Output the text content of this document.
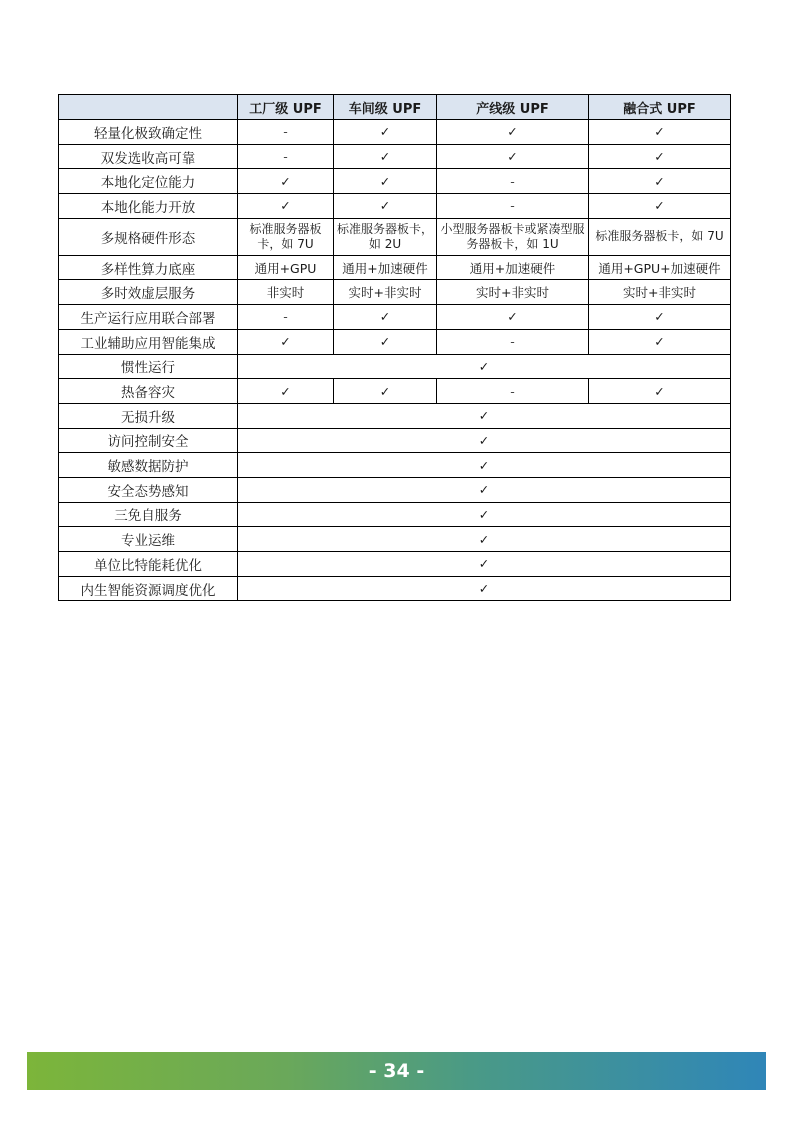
	工厂级 UPF	车间级 UPF	产线级 UPF	融合式 UPF
轻量化极致确定性	-	✓	✓	✓
双发选收高可靠	-	✓	✓	✓
本地化定位能力	✓	✓	-	✓
本地化能力开放	✓	✓	-	✓
多规格硬件形态	标准服务器板卡，如 7U	标准服务器板卡，如 2U	小型服务器板卡或紧凑型服务器板卡，如 1U	标准服务器板卡，如 7U
多样性算力底座	通用+GPU	通用+加速硬件	通用+加速硬件	通用+GPU+加速硬件
多时效虚层服务	非实时	实时+非实时	实时+非实时	实时+非实时
生产运行应用联合部署	-	✓	✓	✓
工业辅助应用智能集成	✓	✓	-	✓
惯性运行	✓			
热备容灾	✓	✓	-	✓
无损升级	✓			
访问控制安全	✓			
敏感数据防护	✓			
安全态势感知	✓			
三免自服务	✓			
专业运维	✓			
单位比特能耗优化	✓			
内生智能资源调度优化	✓			
- 34 -
